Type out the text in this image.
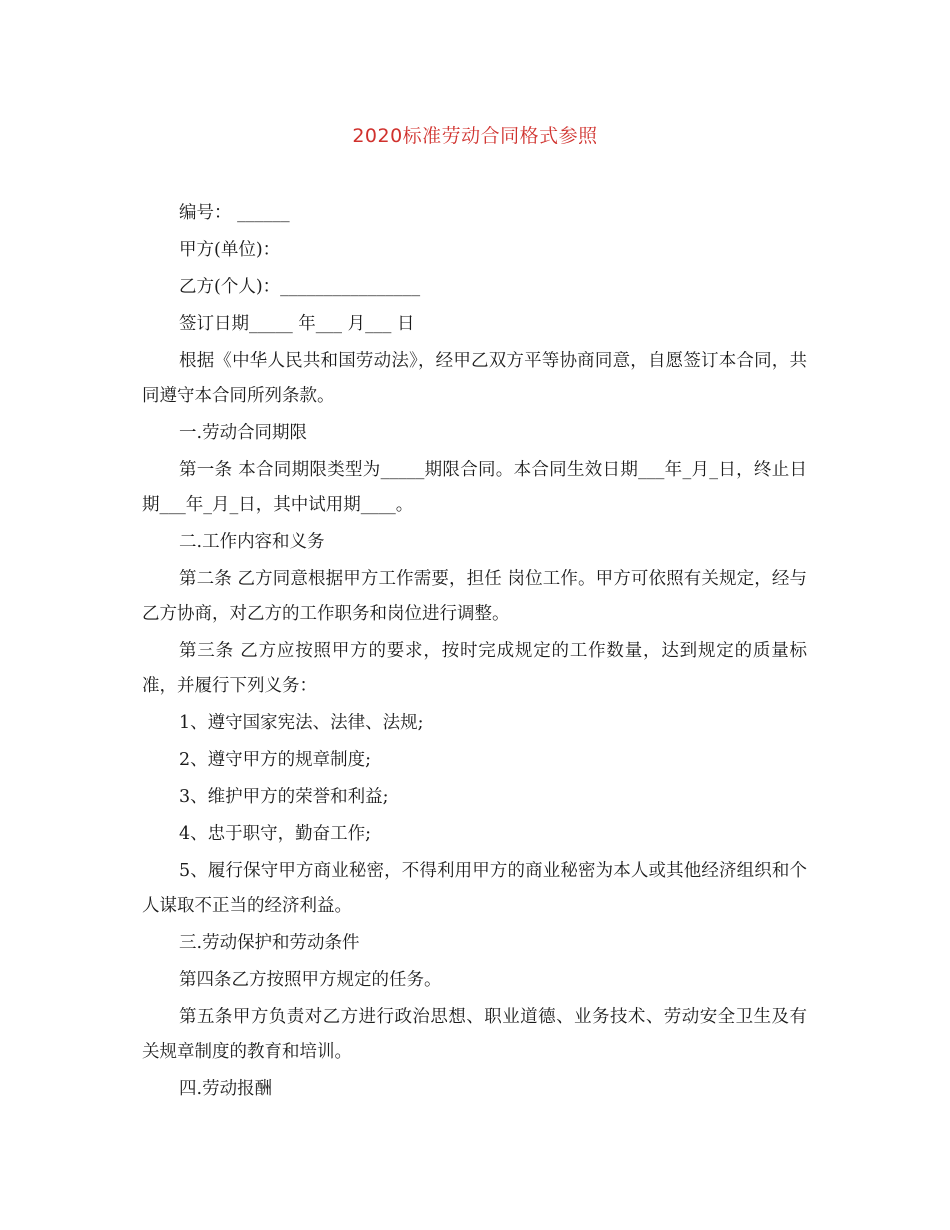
2020标准劳动合同格式参照

编号： ______

甲方(单位)：

乙方(个人)：________________

签订日期_____ 年___ 月___ 日

根据《中华人民共和国劳动法》，经甲乙双方平等协商同意，自愿签订本合同，共同遵守本合同所列条款。

一.劳动合同期限

第一条 本合同期限类型为_____期限合同。本合同生效日期___年_月_日，终止日期___年_月_日，其中试用期____。

二.工作内容和义务

第二条 乙方同意根据甲方工作需要，担任 岗位工作。甲方可依照有关规定，经与乙方协商，对乙方的工作职务和岗位进行调整。

第三条 乙方应按照甲方的要求，按时完成规定的工作数量，达到规定的质量标准，并履行下列义务：

1、遵守国家宪法、法律、法规;

2、遵守甲方的规章制度;

3、维护甲方的荣誉和利益;

4、忠于职守，勤奋工作;

5、履行保守甲方商业秘密，不得利用甲方的商业秘密为本人或其他经济组织和个人谋取不正当的经济利益。

三.劳动保护和劳动条件

第四条乙方按照甲方规定的任务。

第五条甲方负责对乙方进行政治思想、职业道德、业务技术、劳动安全卫生及有关规章制度的教育和培训。

四.劳动报酬
